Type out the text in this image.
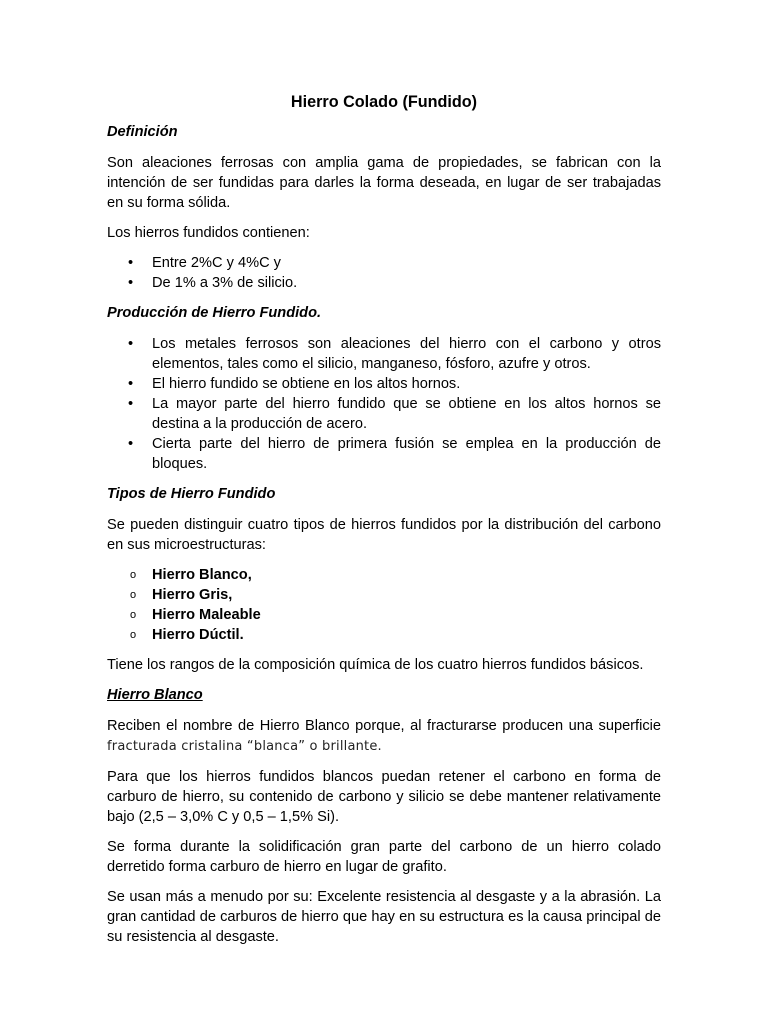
Hierro Colado (Fundido)
Definición

Son aleaciones ferrosas con amplia gama de propiedades, se fabrican con la intención de ser fundidas para darles la forma deseada, en lugar de ser trabajadas en su forma sólida.

Los hierros fundidos contienen:

• Entre 2%C y 4%C y
• De 1% a 3% de silicio.
Producción de Hierro Fundido.
• Los metales ferrosos son aleaciones del hierro con el carbono y otros elementos, tales como el silicio, manganeso, fósforo, azufre y otros.
• El hierro fundido se obtiene en los altos hornos.
• La mayor parte del hierro fundido que se obtiene en los altos hornos se destina a la producción de acero.
• Cierta parte del hierro de primera fusión se emplea en la producción de bloques.
Tipos de Hierro Fundido

Se pueden distinguir cuatro tipos de hierros fundidos por la distribución del carbono en sus microestructuras:

o Hierro Blanco,
o Hierro Gris,
o Hierro Maleable
o Hierro Dúctil.

Tiene los rangos de la composición química de los cuatro hierros fundidos básicos.

Hierro Blanco

Reciben el nombre de Hierro Blanco porque, al fracturarse producen una superficie fracturada cristalina “blanca” o brillante.

Para que los hierros fundidos blancos puedan retener el carbono en forma de carburo de hierro, su contenido de carbono y silicio se debe mantener relativamente bajo (2,5 – 3,0% C y 0,5 – 1,5% Si).

Se forma durante la solidificación gran parte del carbono de un hierro colado derretido forma carburo de hierro en lugar de grafito.

Se usan más a menudo por su: Excelente resistencia al desgaste y a la abrasión. La gran cantidad de carburos de hierro que hay en su estructura es la causa principal de su resistencia al desgaste.
